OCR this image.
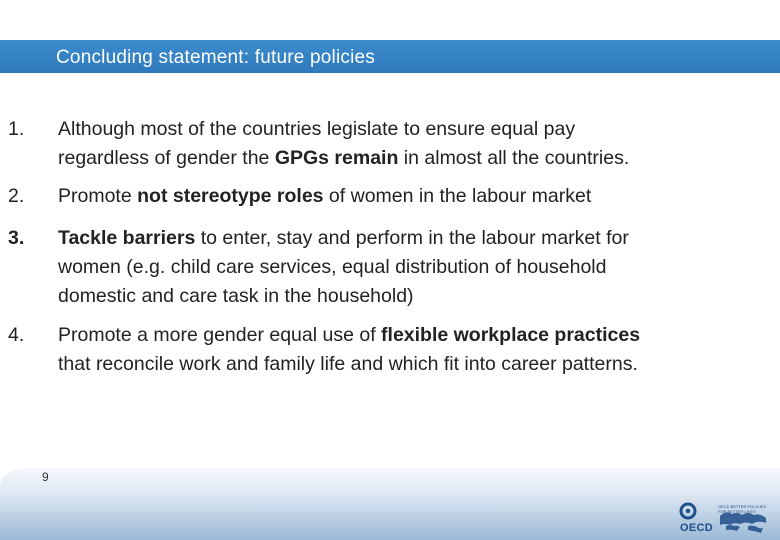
Concluding statement: future policies
1.	Although most of the countries legislate to ensure equal pay

regardless of gender the GPGs remain in almost all the countries.

2.	Promote not stereotype roles of women in the labour market

3.	Tackle barriers to enter, stay and perform in the labour market for

women (e.g. child care services, equal distribution of household

domestic and care task in the household)

4.	Promote a more gender equal use of flexible workplace practices

that reconcile work and family life and which fit into career patterns.

9
OECD BETTER POLICIES FOR BETTER LIVES
OECD
